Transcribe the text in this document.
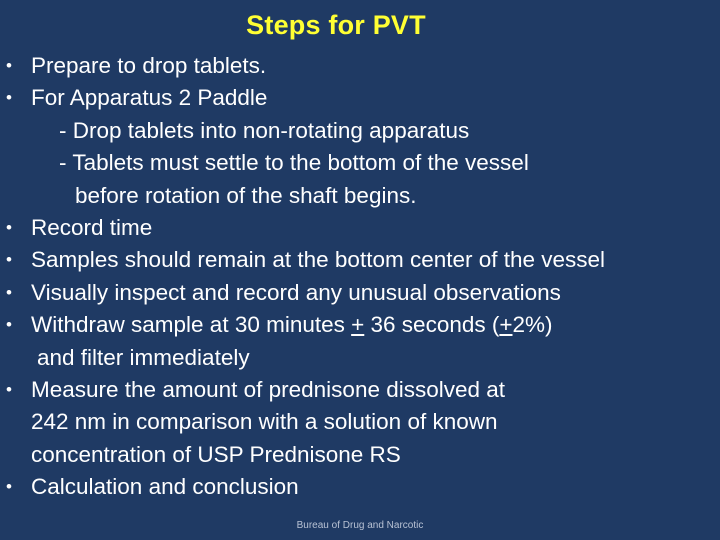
Steps for PVT
• Prepare to drop tablets.
• For Apparatus 2 Paddle
- Drop tablets into non-rotating apparatus
- Tablets must settle to the bottom of the vessel
before rotation of the shaft begins.
• Record time
• Samples should remain at the bottom center of the vessel
• Visually inspect and record any unusual observations
• Withdraw sample at 30 minutes + 36 seconds (+2%)
and filter immediately
• Measure the amount of prednisone dissolved at
242 nm in comparison with a solution of known
concentration of USP Prednisone RS
• Calculation and conclusion
Bureau of Drug and Narcotic
